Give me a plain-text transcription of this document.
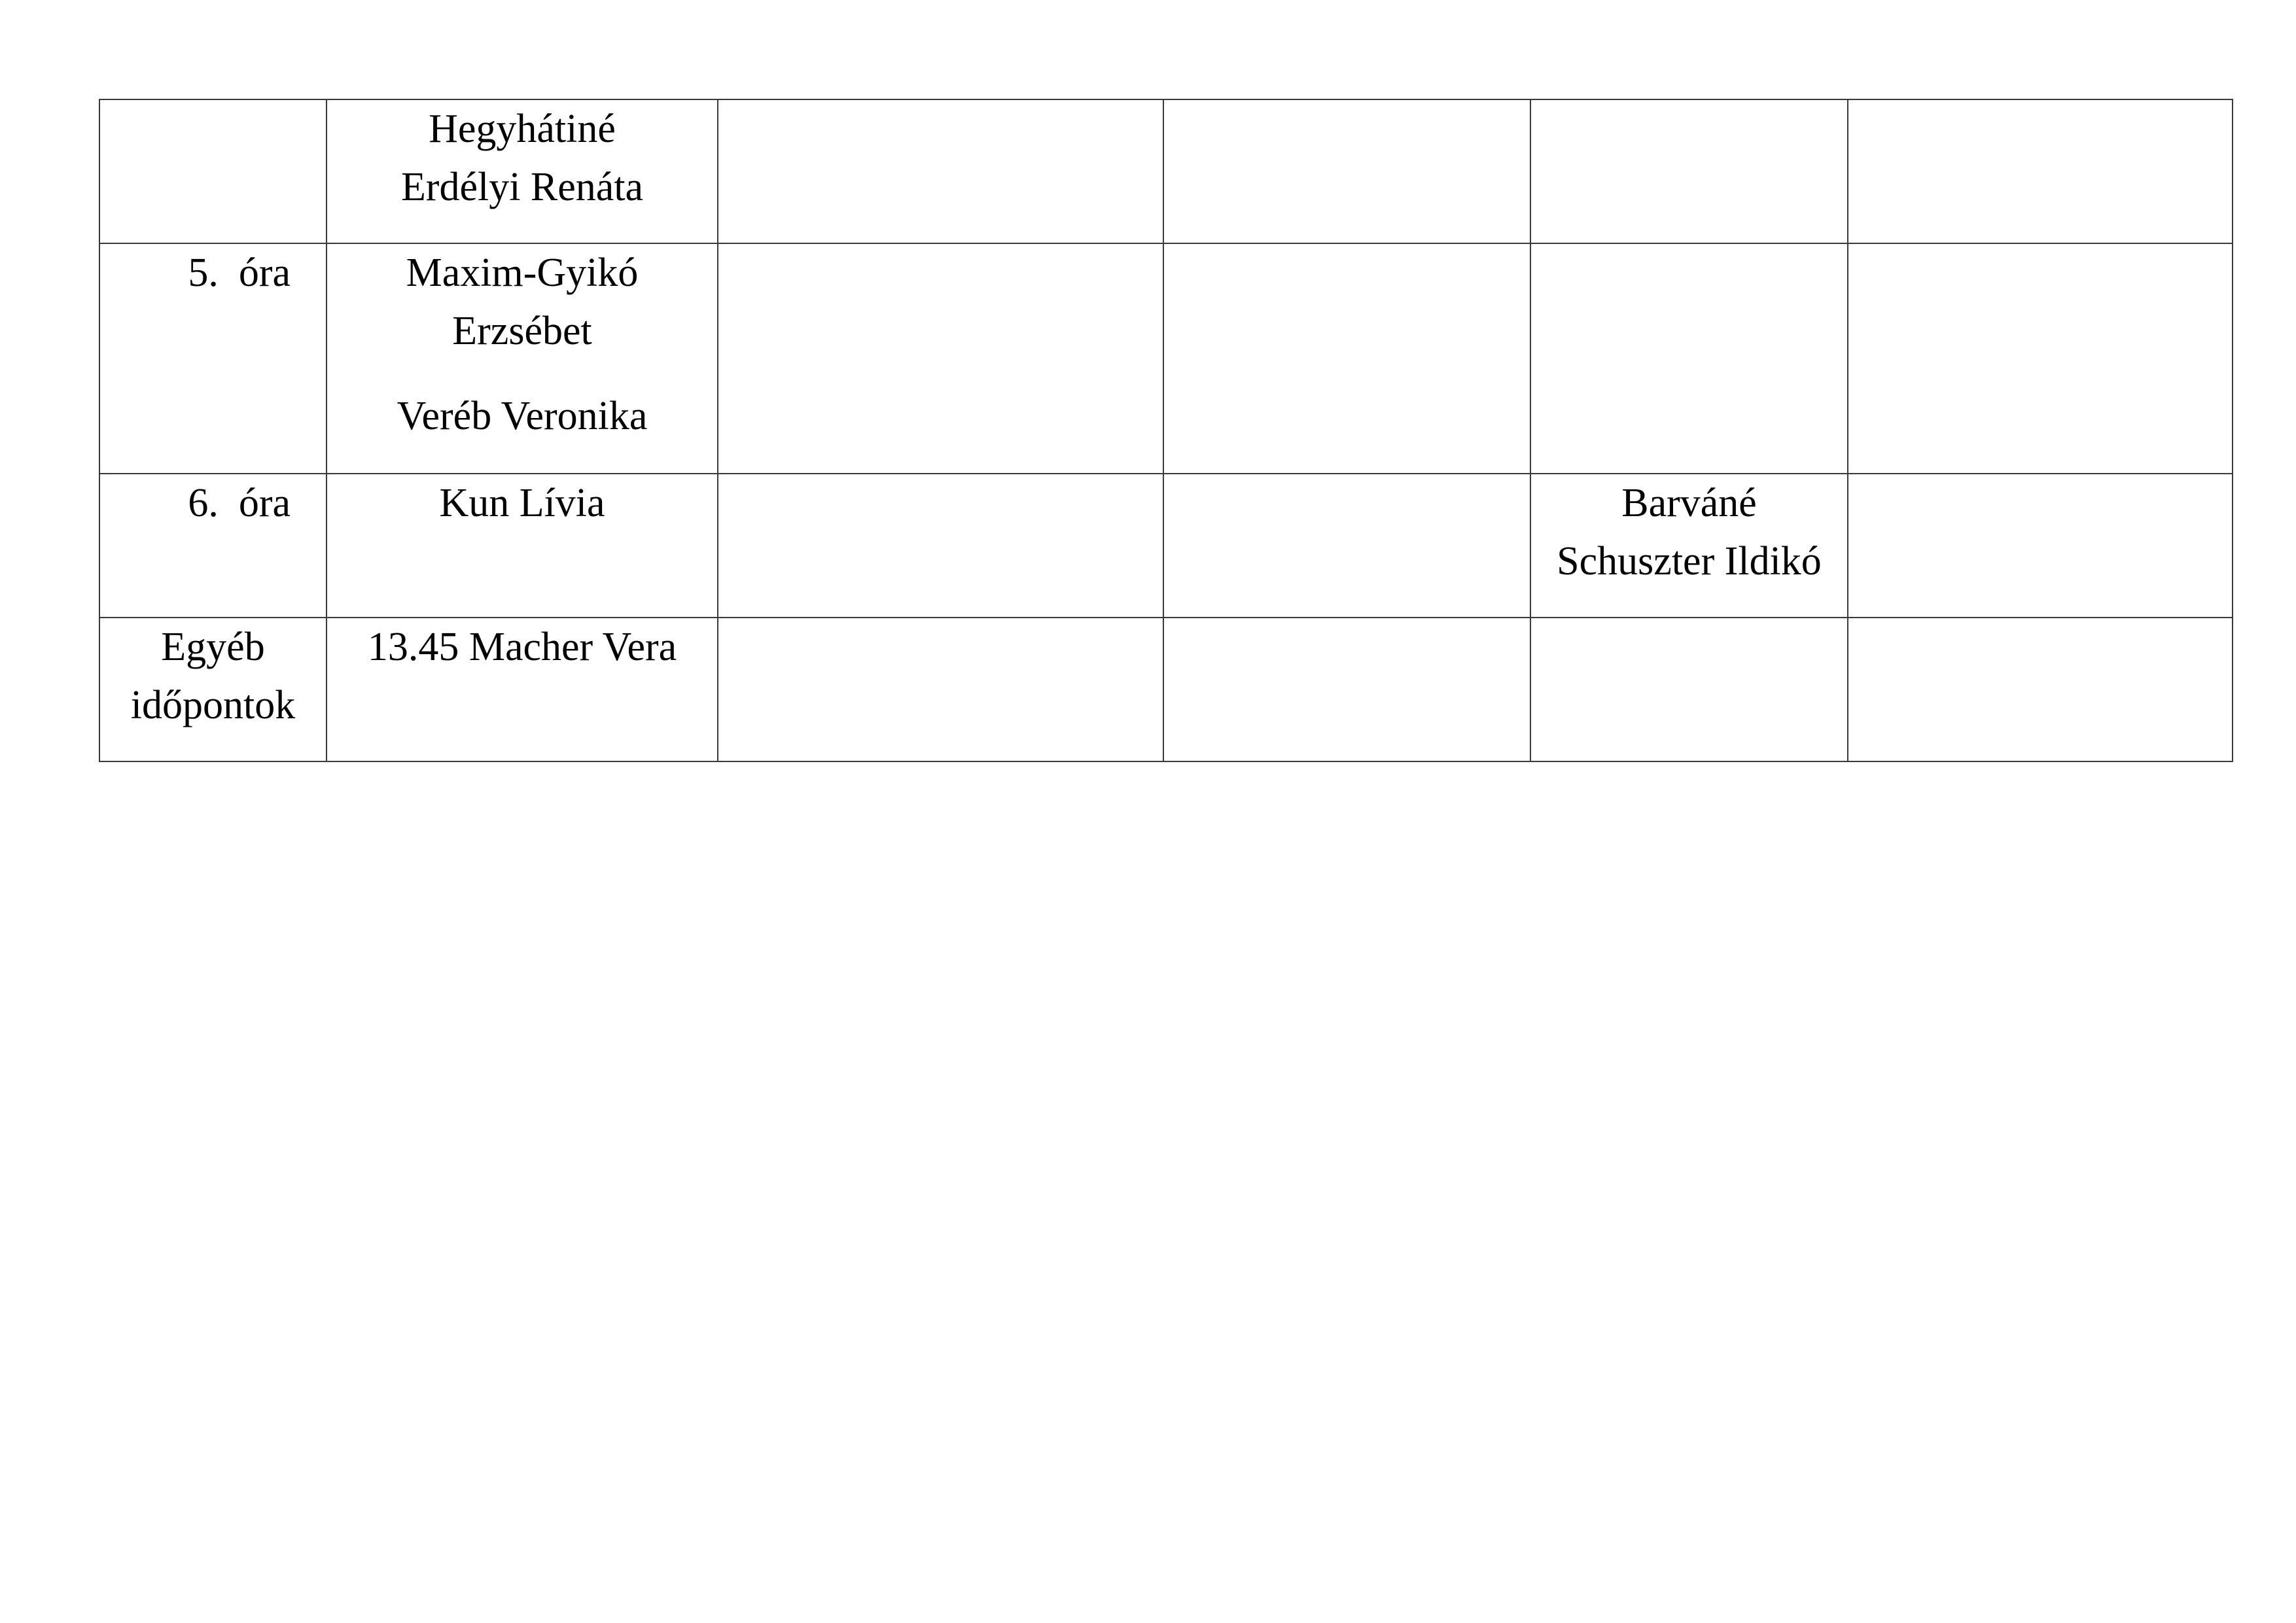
	Hegyhátiné
Erdélyi Renáta				

5.  óra	Maxim-Gyikó
Erzsébet
Veréb Veronika				

6.  óra	Kun Lívia			Barváné
Schuszter Ildikó	

Egyéb
időpontok	13.45 Macher Vera				
